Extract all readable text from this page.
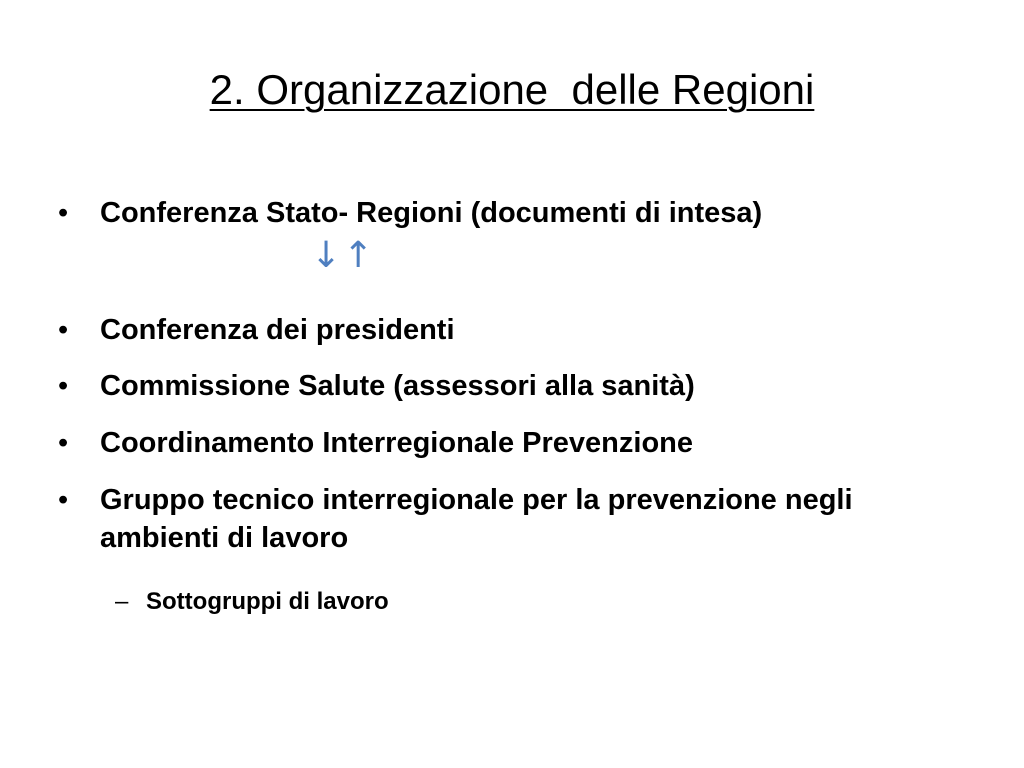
2. Organizzazione  delle Regioni
• Conferenza Stato- Regioni (documenti di intesa)
↓↑
• Conferenza dei presidenti
• Commissione Salute (assessori alla sanità)
• Coordinamento Interregionale Prevenzione
• Gruppo tecnico interregionale per la prevenzione negli ambienti di lavoro
– Sottogruppi di lavoro
